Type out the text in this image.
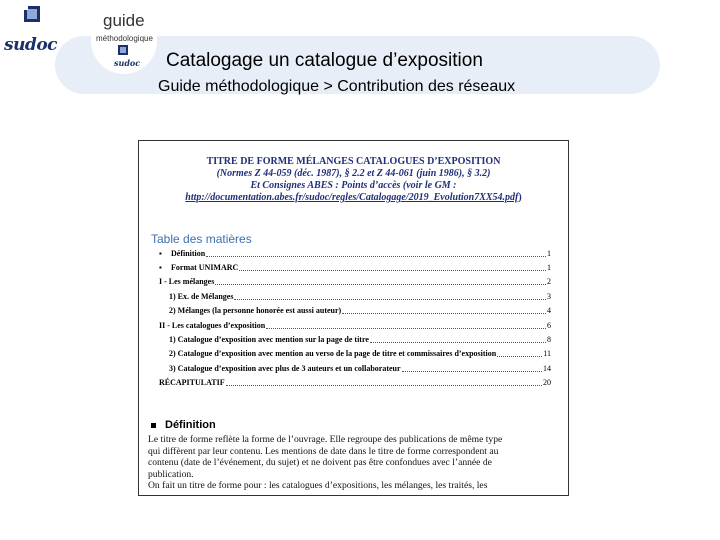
sudoc
guide
méthodologique
sudoc Catalogage un catalogue d’exposition
Guide méthodologique > Contribution des réseaux
TITRE DE FORME MÉLANGES CATALOGUES D’EXPOSITION
(Normes Z 44-059 (déc. 1987), § 2.2 et Z 44-061 (juin 1986), § 3.2)
Et Consignes ABES : Points d’accès (voir le GM :
http://documentation.abes.fr/sudoc/regles/Catalogage/2019_Evolution7XX54.pdf)
Table des matières
▪	Définition	1
▪	Format UNIMARC	1
I - Les mélanges	2
1) Ex. de Mélanges	3
2) Mélanges (la personne honorée est aussi auteur)	4
II - Les catalogues d’exposition	6
1) Catalogue d’exposition avec mention sur la page de titre	8
2) Catalogue d’exposition avec mention au verso de la page de titre et commissaires d’exposition	11
3) Catalogue d’exposition avec plus de 3 auteurs et un collaborateur	14
RÉCAPITULATIF	20
Définition

Le titre de forme reflète la forme de l’ouvrage. Elle regroupe des publications de même type

qui diffèrent par leur contenu. Les mentions de date dans le titre de forme correspondent au

contenu (date de l’événement, du sujet) et ne doivent pas être confondues avec l’année de

publication.

On fait un titre de forme pour : les catalogues d’expositions, les mélanges, les traités, les
